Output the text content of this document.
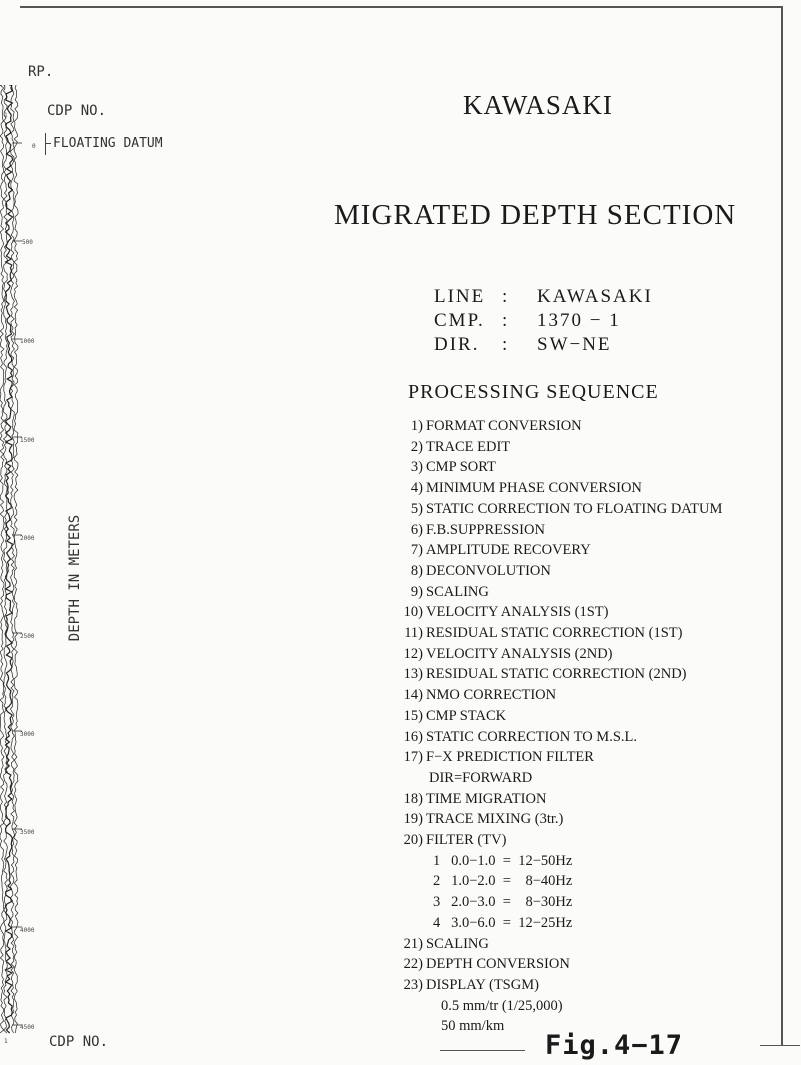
RP.
CDP NO.
1
FLOATING DATUM
0
500
1000
1500
2000
2500
3000
3500
4000
4500
DEPTH IN METERS
1	CDP NO.
KAWASAKI
MIGRATED DEPTH SECTION
LINE : KAWASAKI
CMP. : 1370 − 1
DIR. : SW−NE
PROCESSING SEQUENCE
1) FORMAT CONVERSION
2) TRACE EDIT
3) CMP SORT
4) MINIMUM PHASE CONVERSION
5) STATIC CORRECTION TO FLOATING DATUM
6) F.B.SUPPRESSION
7) AMPLITUDE RECOVERY
8) DECONVOLUTION
9) SCALING
10) VELOCITY ANALYSIS (1ST)
11) RESIDUAL STATIC CORRECTION (1ST)
12) VELOCITY ANALYSIS (2ND)
13) RESIDUAL STATIC CORRECTION (2ND)
14) NMO CORRECTION
15) CMP STACK
16) STATIC CORRECTION TO M.S.L.
17) F−X PREDICTION FILTER
DIR=FORWARD
18) TIME MIGRATION
19) TRACE MIXING (3tr.)
20) FILTER (TV)
1   0.0−1.0  =  12−50Hz
2   1.0−2.0  =    8−40Hz
3   2.0−3.0  =    8−30Hz
4   3.0−6.0  =  12−25Hz
21) SCALING
22) DEPTH CONVERSION
23) DISPLAY (TSGM)
0.5 mm/tr (1/25,000)
50 mm/km
Fig.4−17
